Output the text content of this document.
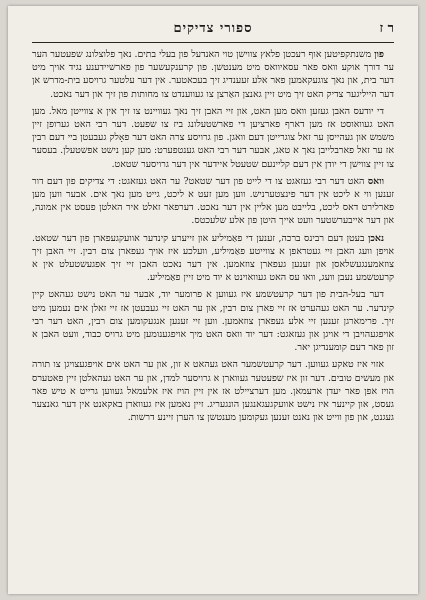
ספורי צדיקים	ר ז

פון משנתקפיטען אוף רעכטן פלאץ צווישן טוי האנדעל פון בעלי בתים. נאך פלוצלונג שפעטער הער ער דורך אוקע וואס פאר עסאיוואס מיט מענטשן. פון קרענקעשער פון פארשיידענע נגיד אויך מיט דער בית, און נאך צוגעקאמען פאר אלע זעענדיג זיך בעכאטער. אין דער עלטער גרויסע בית-מדרש אן דער הייליגער צדיק האט זיך מיט זיין גאנצן האַרצן צו געווענדט צו מחותות פון זיך און דער נאכט.

די יודעס האבן געזען וואס מען האט, און זיי האבן זיך נאך געוויינט צו זיך אין א צווייטן מאל. מען האט געוואוסט אז מען דארף פארציען די פארשטעלונג ביז צו שפעט. דער רבי האט גערופן זיין משמש און געהייסן ער זאל צוגרייטן דעם וואגן. פון גרויסע צרה האט דער פאָלק געבעטן ביי דעם רבין אז ער זאל פארבלייבן נאך א טאג, אבער דער רבי האט גענטפערט: מען קען נישט אפשטעלן. בעסער צו זיין צווישן די יודן אין דעם קליינעם שטעטל איידער אין דער גרויסער שטאט.

וואס האט דער רבי געזאגט צו די לייט פון דער שטאט? ער האט געזאגט: די צדיקים פון דעם דור זענען ווי א ליכט אין דער פינצטערניש. ווען מען זעט א ליכט, גייט מען נאך אים. אבער ווען מען פארלירט דאס ליכט, בלייבט מען אליין אין דער נאכט. דערפאר זאלט איר האלטן פעסט אין אמונה, און דער אייבערשטער וועט אייך היטן פון אלע שלעכטס.

נאכן בעטן דעם רבינס ברכה, זענען די פאַמיליע און זייערע קינדער אוועקגעפארן פון דער שטאט. אויפן וועג האבן זיי געטראפן א צווייטע פאַמיליע, וועלכע איז אויך געפארן צום רבין. זיי האבן זיך צוזאמענגעשלאסן און זענען געפארן צוזאמען. אין דער נאכט האבן זיי זיך אפגעשטעלט אין א קרעטשמע נעבן וועג, וואו עס האט געוואוינט א יוד מיט זיין פאַמיליע.

דער בעל-הבית פון דער קרעטשמע איז געווען א פרומער יוד, אבער ער האט נישט געהאט קיין קינדער. ער האט געהערט אז זיי פארן צום רבין, און ער האט זיי געבעטן אז זיי זאלן אים נעמען מיט זיך. פרימארגן זענען זיי אלע געפארן צוזאמען. ווען זיי זענען אנגעקומען צום רבין, האט דער רבי אויפגעהויבן די אויגן און געזאגט: דער יוד וואס האט מיך אויפגענומען מיט גרויס כבוד, וועט האבן א זון פאר דעם קומענדיגן יאר.

אזוי איז טאקע געווען. דער קרעטשמער האט געהאט א זון, און ער האט אים אויפגעצויגן צו תורה און מעשים טובים. דער זון איז שפעטער געווארן א גרויסער למדן, און ער האט געהאלטן זיין פאטערס הויז אפן פאר יעדן ארעמאן. מען דערציילט אז אין זיין הויז איז אלעמאל געווען גרייט א טיש פאר געסט, און קיינער איז נישט אוועקגעגאנגען הונגעריג. זיין נאמען איז געווארן באקאנט אין דער גאנצער געגנט, און פון ווייט און נאנט זענען געקומען מענטשן צו הערן זיינע דרשות.
